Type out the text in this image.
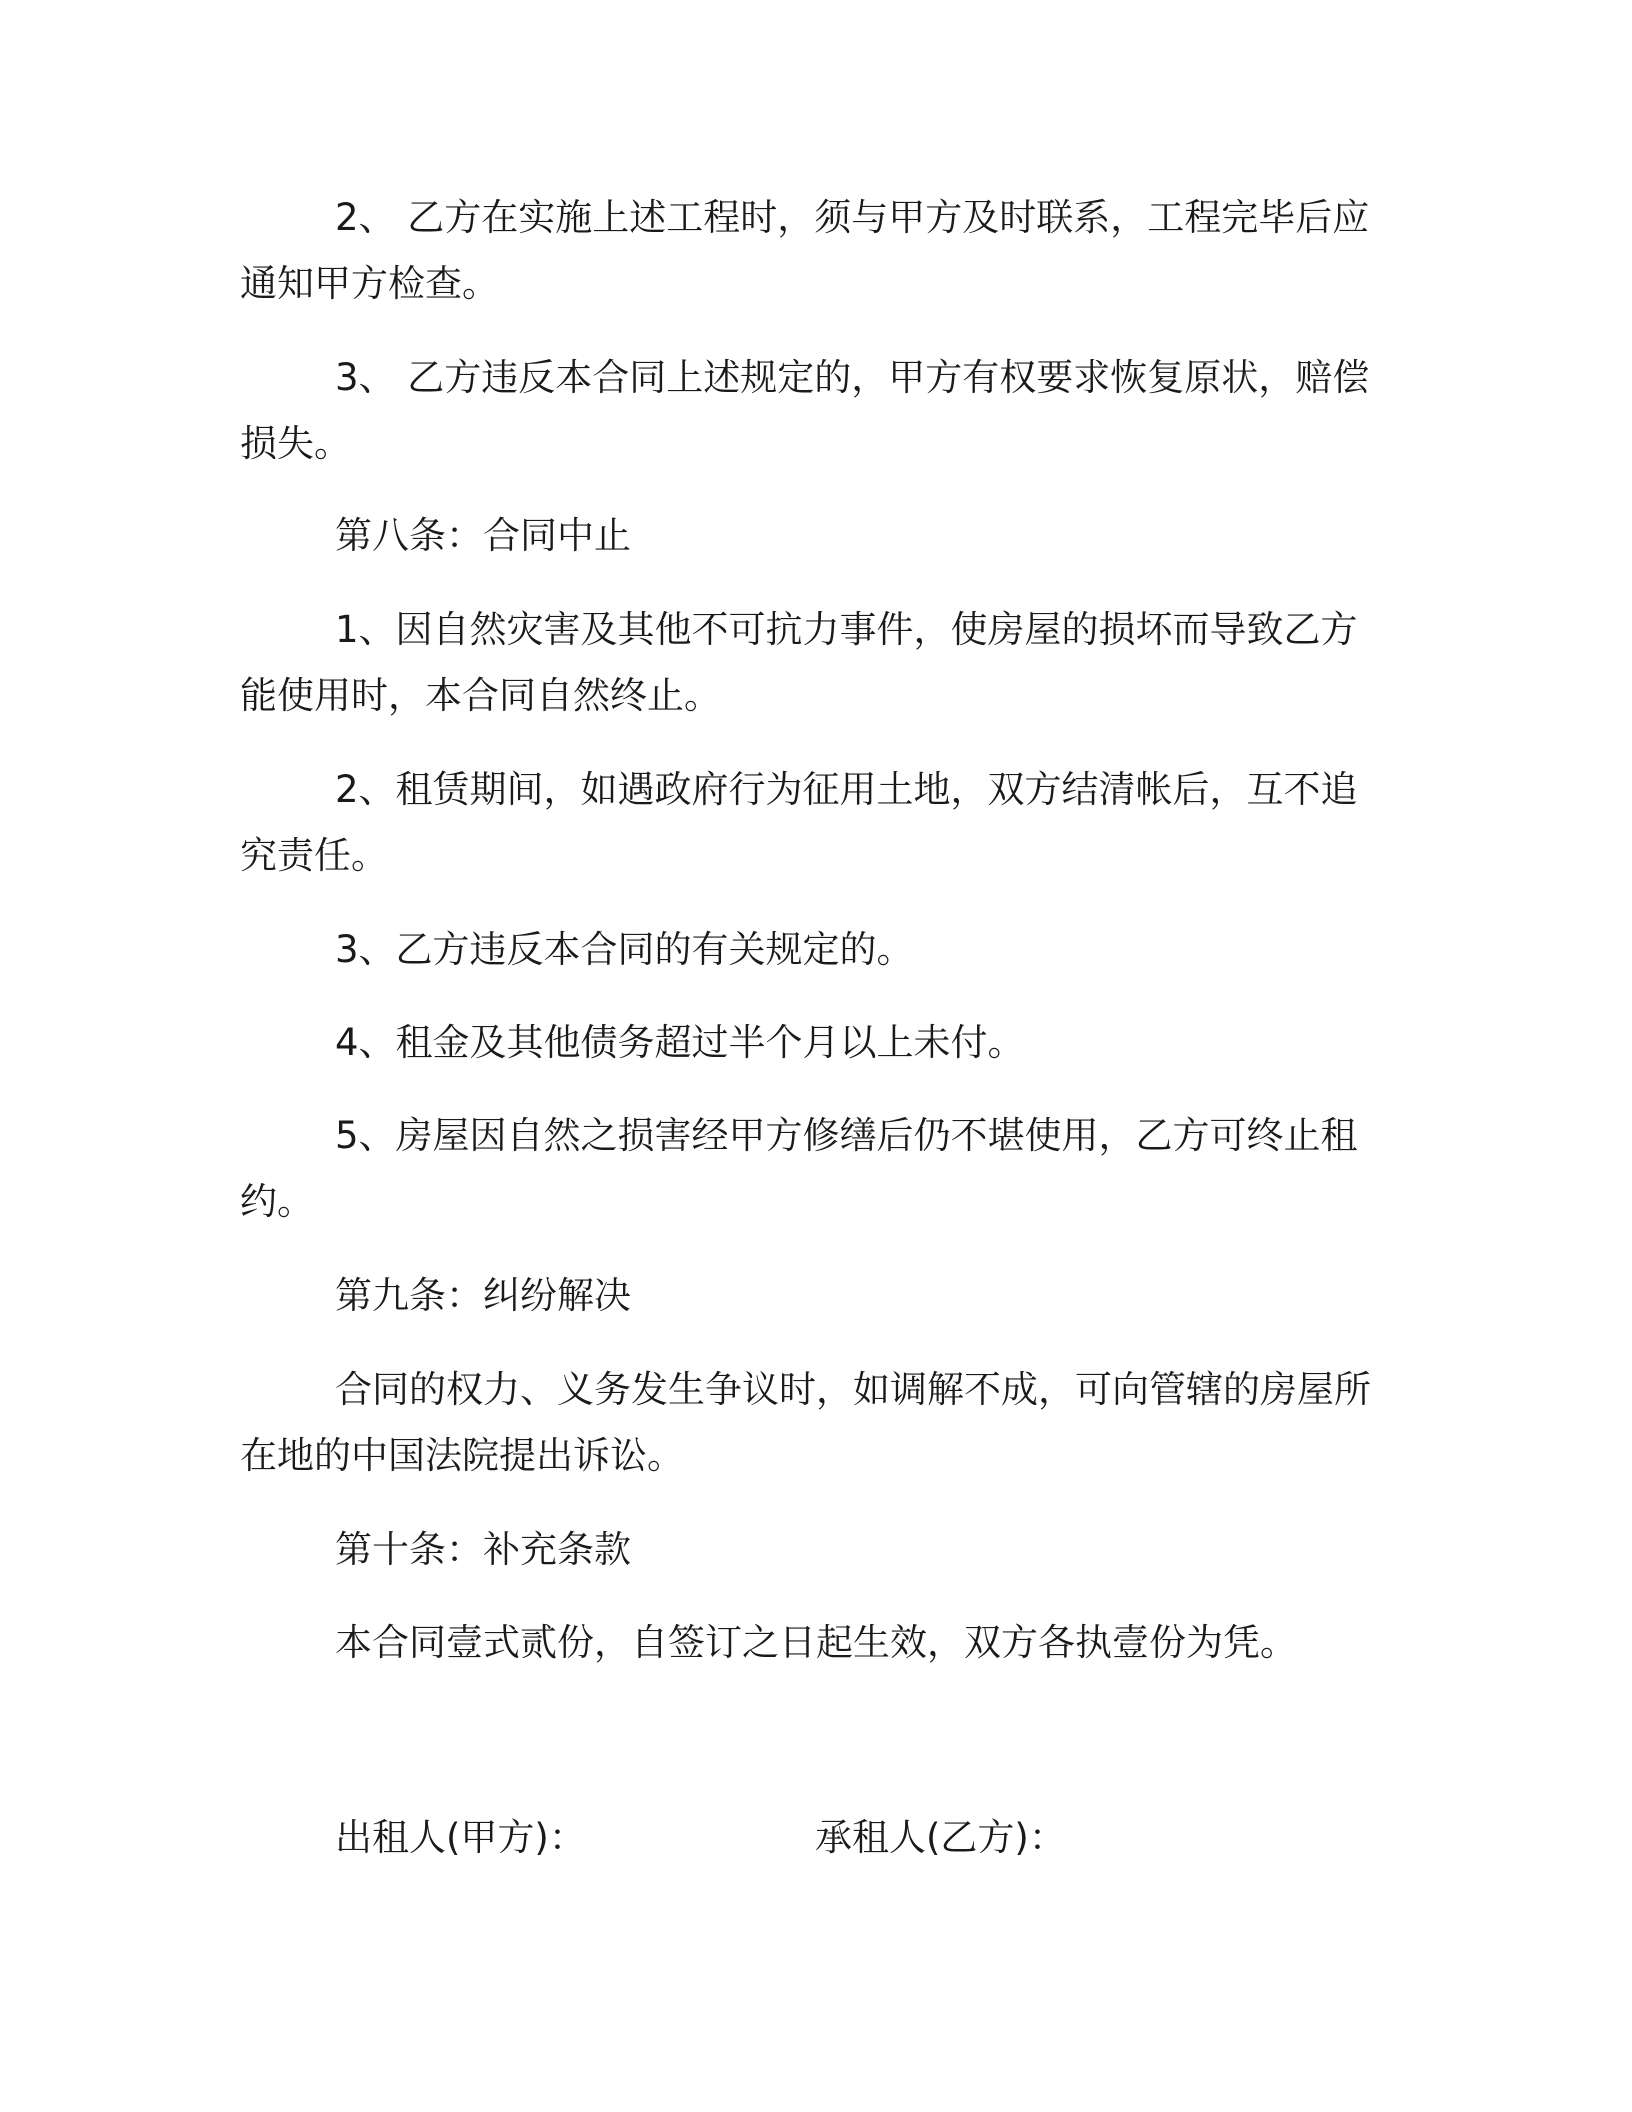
2、 乙方在实施上述工程时，须与甲方及时联系，工程完毕后应通知甲方检查。

3、 乙方违反本合同上述规定的，甲方有权要求恢复原状，赔偿损失。

第八条：合同中止

1、因自然灾害及其他不可抗力事件，使房屋的损坏而导致乙方能使用时，本合同自然终止。

2、租赁期间，如遇政府行为征用土地，双方结清帐后，互不追究责任。

3、乙方违反本合同的有关规定的。

4、租金及其他债务超过半个月以上未付。

5、房屋因自然之损害经甲方修缮后仍不堪使用，乙方可终止租约。

第九条：纠纷解决

合同的权力、义务发生争议时，如调解不成，可向管辖的房屋所在地的中国法院提出诉讼。

第十条：补充条款

本合同壹式贰份，自签订之日起生效，双方各执壹份为凭。

出租人(甲方)：	承租人(乙方)：
